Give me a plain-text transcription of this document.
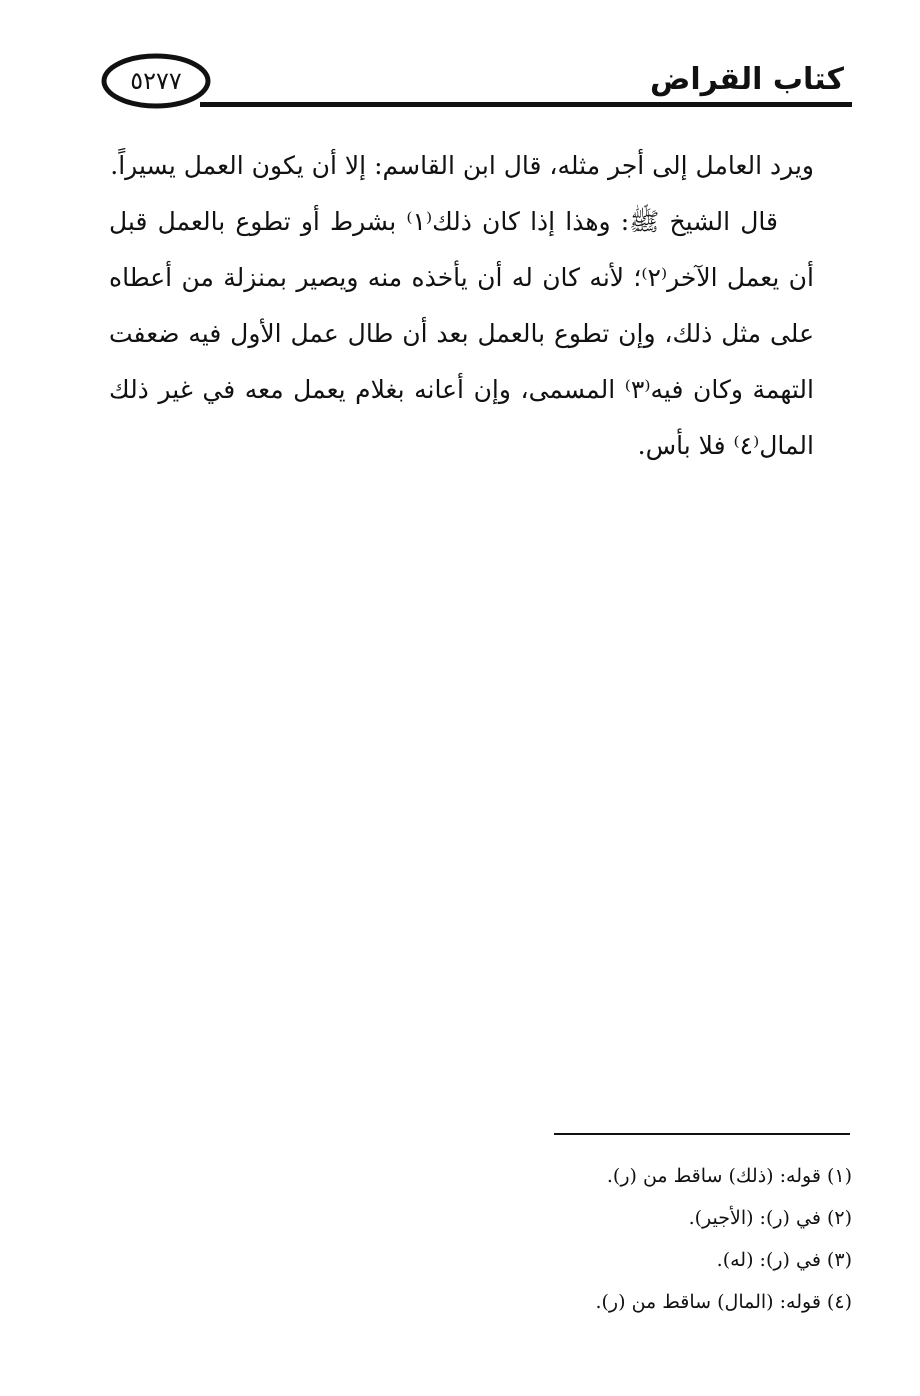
كتاب القراض
٥٢٧٧

ويرد العامل إلى أجر مثله، قال ابن القاسم: إلا أن يكون العمل يسيراً.

قال الشيخ ﷺ: وهذا إذا كان ذلك⁽١⁾ بشرط أو تطوع بالعمل قبل أن يعمل الآخر⁽٢⁾؛ لأنه كان له أن يأخذه منه ويصير بمنزلة من أعطاه على مثل ذلك، وإن تطوع بالعمل بعد أن طال عمل الأول فيه ضعفت التهمة وكان فيه⁽٣⁾ المسمى، وإن أعانه بغلام يعمل معه في غير ذلك المال⁽٤⁾ فلا بأس.

(١) قوله: (ذلك) ساقط من (ر).
(٢) في (ر): (الأجير).
(٣) في (ر): (له).
(٤) قوله: (المال) ساقط من (ر).
